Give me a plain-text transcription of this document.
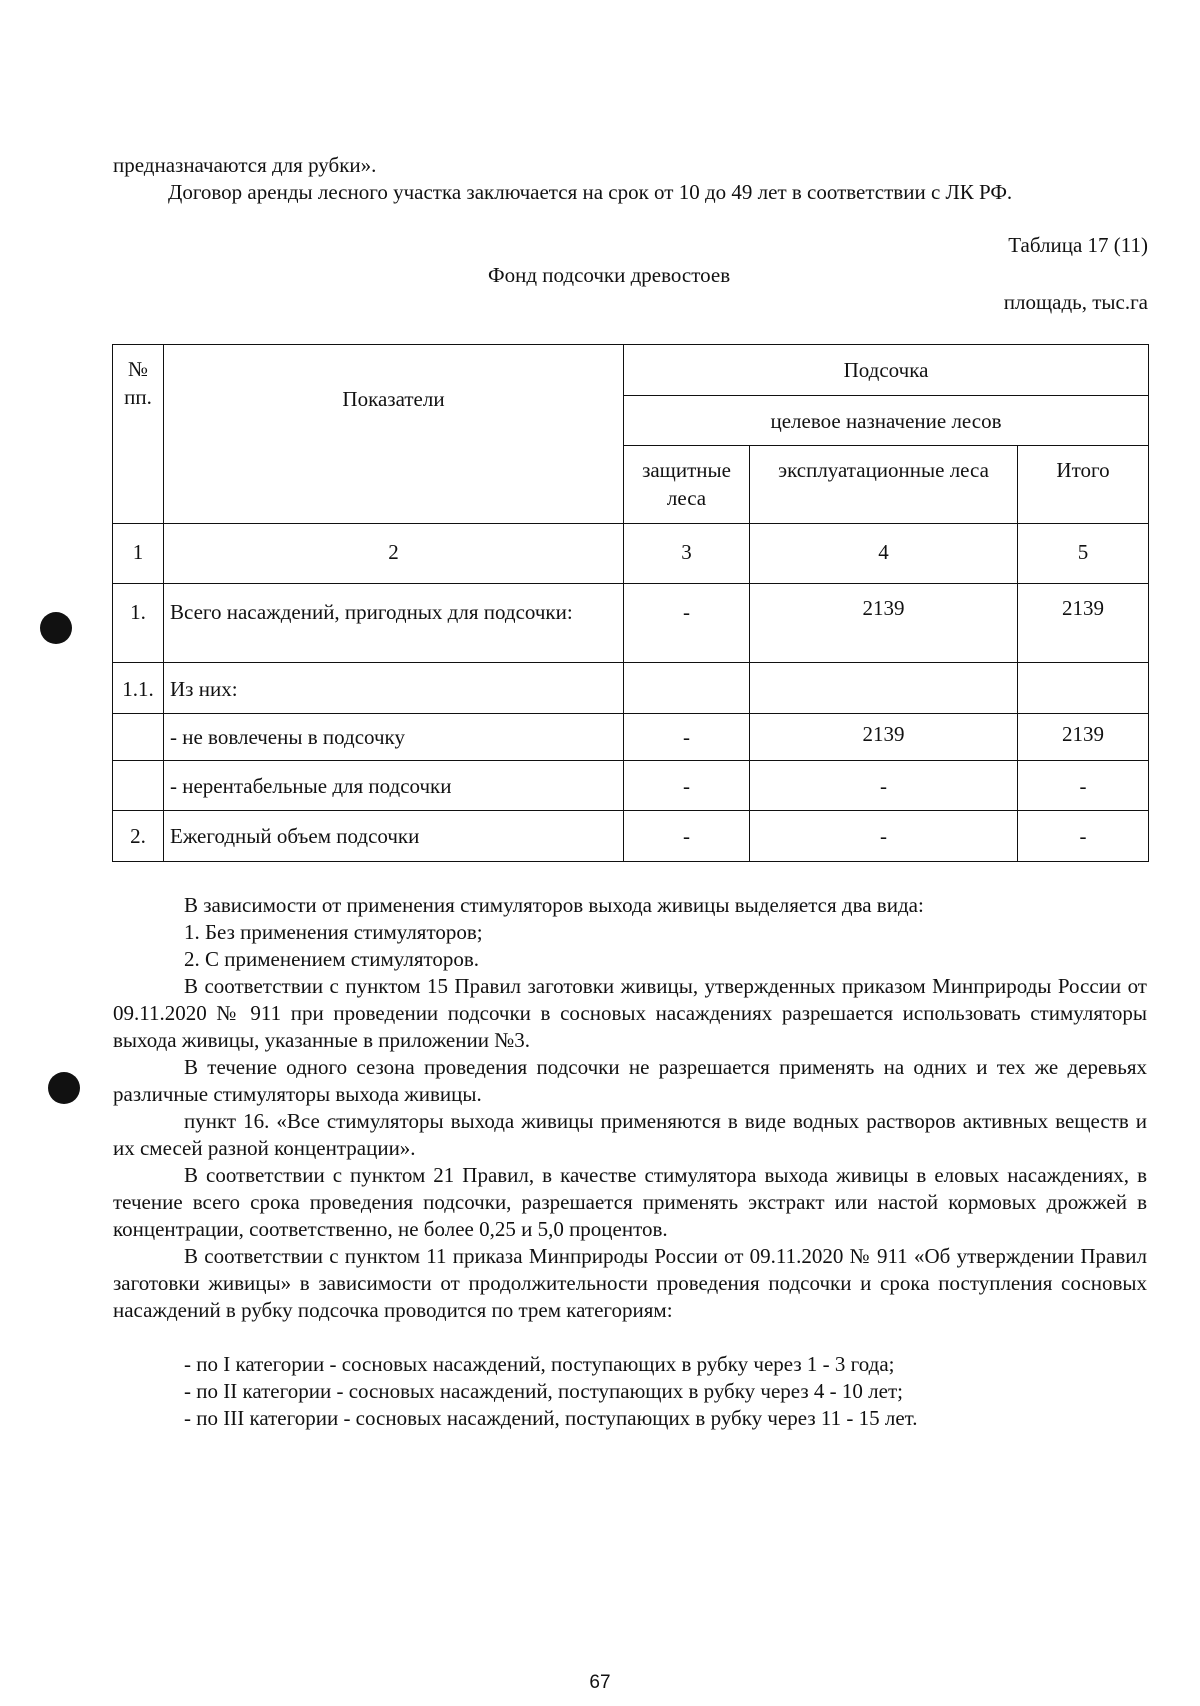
предназначаются для рубки».
Договор аренды лесного участка заключается на срок от 10 до 49 лет в соответствии с ЛК РФ.
Таблица 17 (11)
Фонд подсочки древостоев
площадь, тыс.га
№ пп.	Показатели	Подсочка		
		целевое назначение лесов		
		защитные леса	эксплуатационные леса	Итого
1	2	3	4	5
1.	Всего насаждений, пригодных для подсочки:	-	2139	2139
1.1.	Из них:			
	- не вовлечены в подсочку	-	2139	2139
	- нерентабельные для подсочки	-	-	-
2.	Ежегодный объем подсочки	-	-	-
В зависимости от применения стимуляторов выхода живицы выделяется два вида:
1. Без применения стимуляторов;
2. С применением стимуляторов.
В соответствии с пунктом 15 Правил заготовки живицы, утвержденных приказом Минприроды России от 09.11.2020 № 911 при проведении подсочки в сосновых насаждениях разрешается использовать стимуляторы выхода живицы, указанные в приложении №3.
В течение одного сезона проведения подсочки не разрешается применять на одних и тех же деревьях различные стимуляторы выхода живицы.
пункт 16. «Все стимуляторы выхода живицы применяются в виде водных растворов активных веществ и их смесей разной концентрации».
В соответствии с пунктом 21 Правил, в качестве стимулятора выхода живицы в еловых насаждениях, в течение всего срока проведения подсочки, разрешается применять экстракт или настой кормовых дрожжей в концентрации, соответственно, не более 0,25 и 5,0 процентов.
В соответствии с пунктом 11 приказа Минприроды России от 09.11.2020 № 911 «Об утверждении Правил заготовки живицы» в зависимости от продолжительности проведения подсочки и срока поступления сосновых насаждений в рубку подсочка проводится по трем категориям:
- по I категории - сосновых насаждений, поступающих в рубку через 1 - 3 года;
- по II категории - сосновых насаждений, поступающих в рубку через 4 - 10 лет;
- по III категории - сосновых насаждений, поступающих в рубку через 11 - 15 лет.
67
